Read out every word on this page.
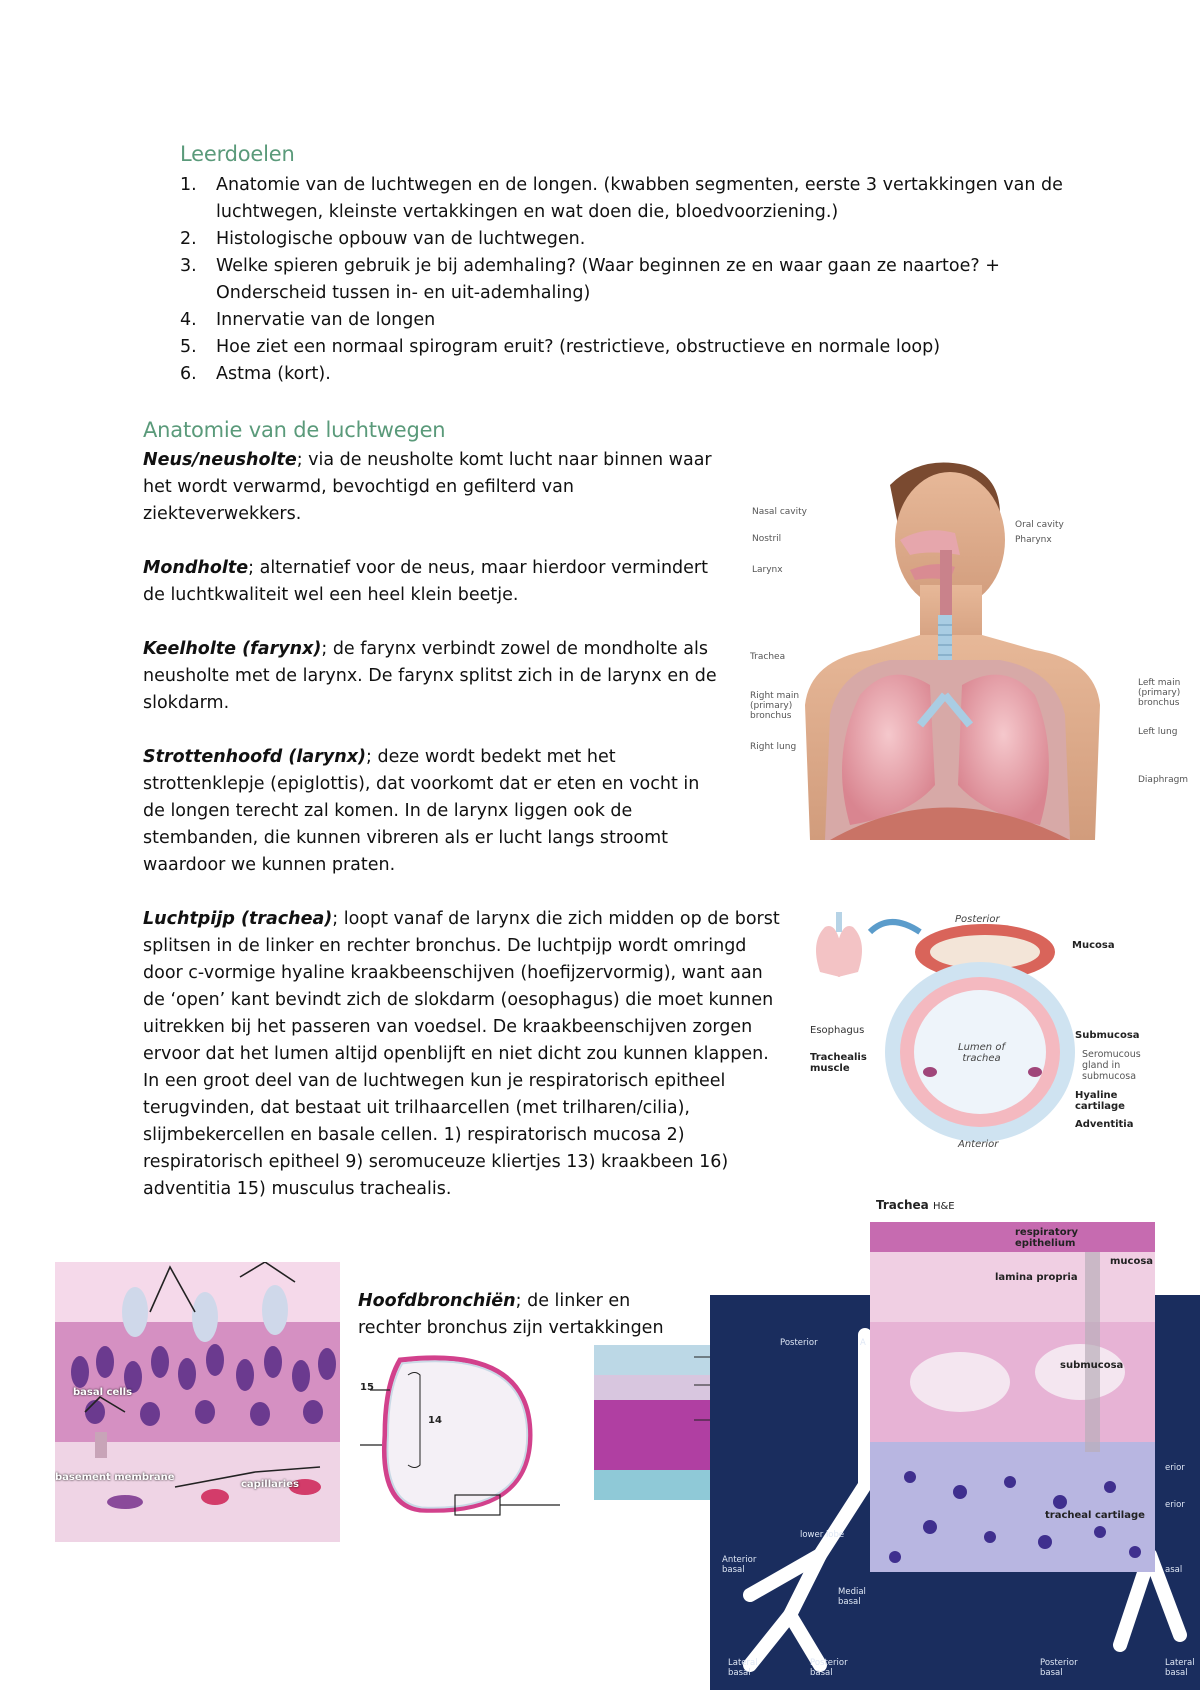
Leerdoelen
1. Anatomie van de luchtwegen en de longen. (kwabben segmenten, eerste 3 vertakkingen van de luchtwegen, kleinste vertakkingen en wat doen die, bloedvoorziening.)
2. Histologische opbouw van de luchtwegen.
3. Welke spieren gebruik je bij ademhaling? (Waar beginnen ze en waar gaan ze naartoe? + Onderscheid tussen in- en uit-ademhaling)
4. Innervatie van de longen
5. Hoe ziet een normaal spirogram eruit? (restrictieve, obstructieve en normale loop)
6. Astma (kort).
Anatomie van de luchtwegen
Neus/neusholte; via de neusholte komt lucht naar binnen waar het wordt verwarmd, bevochtigd en gefilterd van ziekteverwekkers.
Mondholte; alternatief voor de neus, maar hierdoor vermindert de luchtkwaliteit wel een heel klein beetje.
Keelholte (farynx); de farynx verbindt zowel de mondholte als neusholte met de larynx. De farynx splitst zich in de larynx en de slokdarm.
Strottenhoofd (larynx); deze wordt bedekt met het strottenklepje (epiglottis), dat voorkomt dat er eten en vocht in de longen terecht zal komen. In de larynx liggen ook de stembanden, die kunnen vibreren als er lucht langs stroomt waardoor we kunnen praten.
Luchtpijp (trachea); loopt vanaf de larynx die zich midden op de borst splitsen in de linker en rechter bronchus. De luchtpijp wordt omringd door c-vormige hyaline kraakbeenschijven (hoefijzervormig), want aan de ‘open’ kant bevindt zich de slokdarm (oesophagus) die moet kunnen uitrekken bij het passeren van voedsel. De kraakbeenschijven zorgen ervoor dat het lumen altijd openblijft en niet dicht zou kunnen klappen. In een groot deel van de luchtwegen kun je respiratorisch epitheel terugvinden, dat bestaat uit trilhaarcellen (met trilharen/cilia), slijmbekercellen en basale cellen. 1) respiratorisch mucosa 2) respiratorisch epitheel 9) seromuceuze kliertjes 13) kraakbeen 16) adventitia 15) musculus trachealis.
Hoofdbronchiën; de linker en rechter bronchus zijn vertakkingen
Nasal cavity
Nostril
Larynx
Trachea
Right main
(primary)
bronchus
Right lung
Oral cavity
Pharynx
Left main
(primary)
bronchus
Left lung
Diaphragm
Posterior
Anterior
Lumen of
trachea
Mucosa
Esophagus
Trachealis
muscle
Submucosa
Seromucous
gland in
submucosa
Hyaline
cartilage
Adventitia
basal cells
basement membrane
capillaries
15
14
Posterior	A
Anterior
basal
lower lobe
Medial
basal
Lateral
basal
Posterior
basal
Posterior
basal
Lateral
basal
erior
erior
asal
Trachea H&E
respiratory
epithelium
lamina propria
mucosa
submucosa
tracheal cartilage
